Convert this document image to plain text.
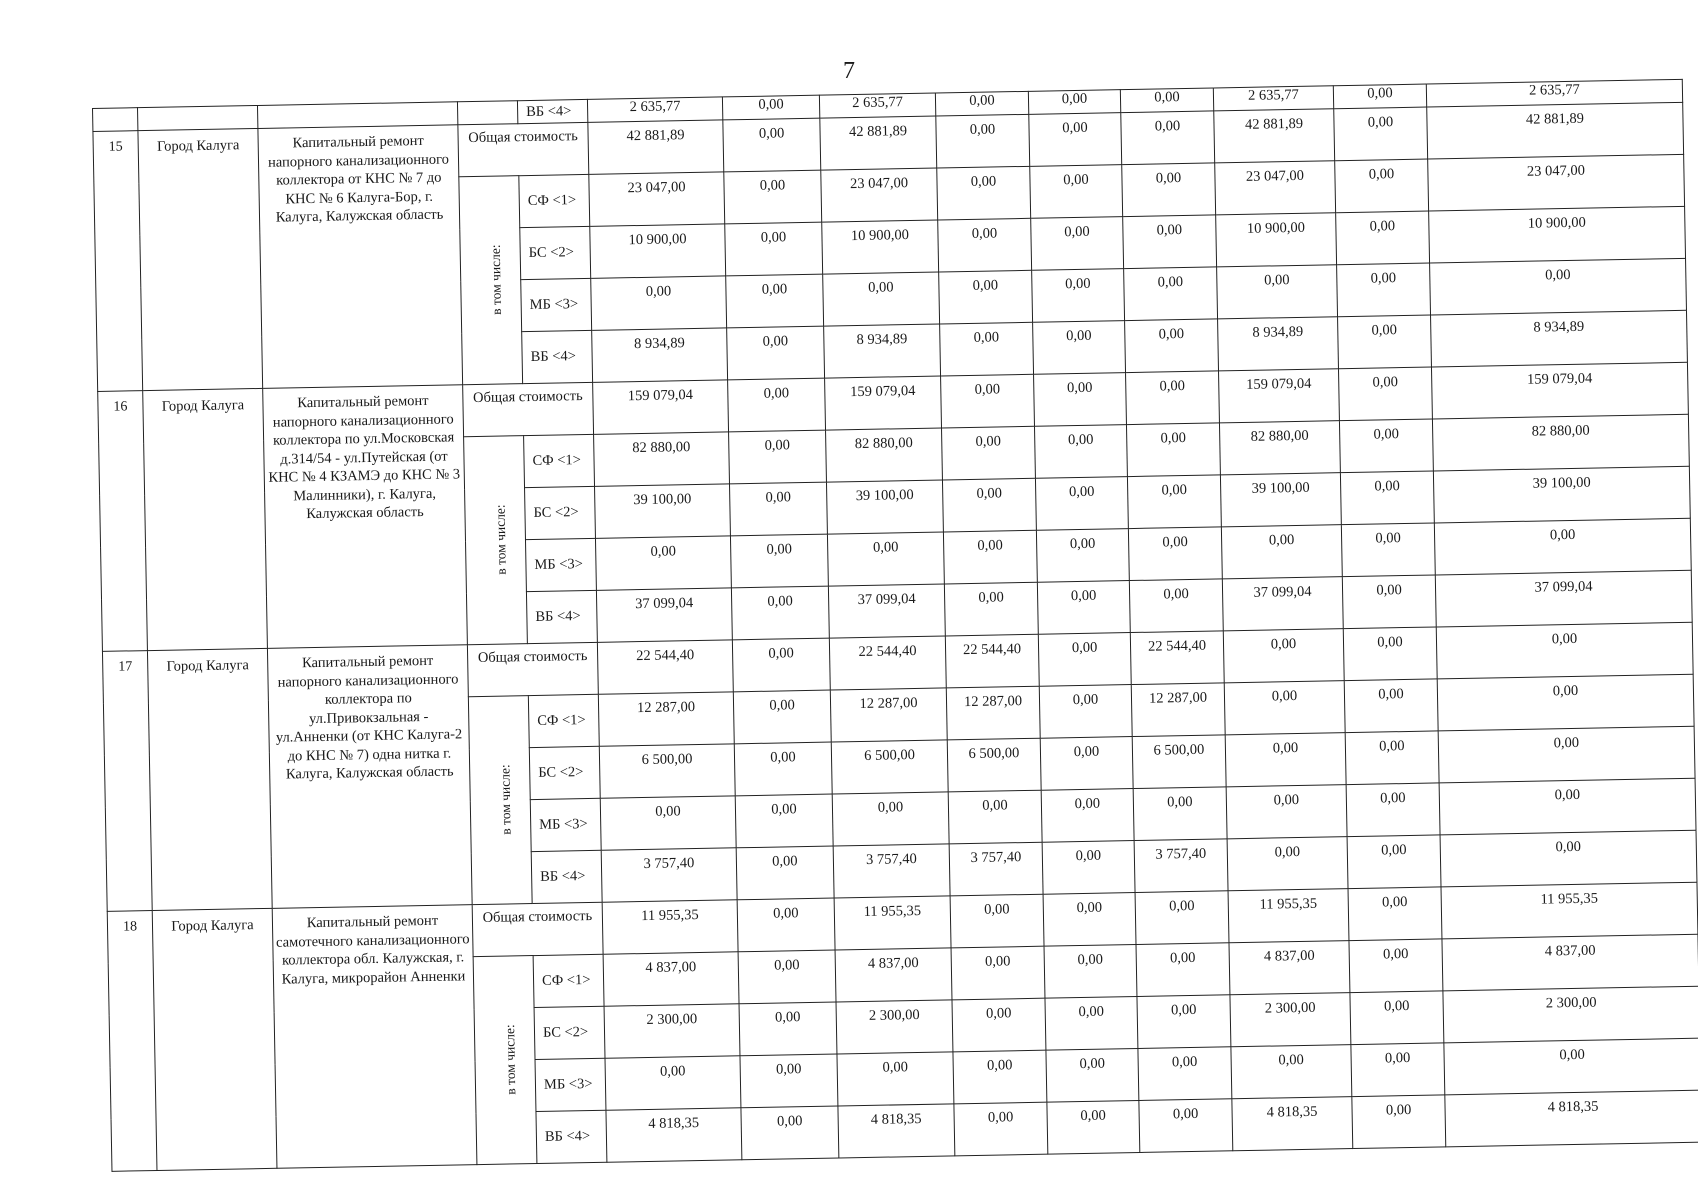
7
				ВБ <4>	2 635,77	0,00	2 635,77	0,00	0,00	0,00	2 635,77	0,00	2 635,77
15	Город Калуга	Капитальный ремонт напорного канализационного коллектора от КНС № 7 до КНС № 6 Калуга-Бор, г. Калуга, Калужская область	Общая стоимость		42 881,89	0,00	42 881,89	0,00	0,00	0,00	42 881,89	0,00	42 881,89
			в том числе:	СФ <1>	23 047,00	0,00	23 047,00	0,00	0,00	0,00	23 047,00	0,00	23 047,00
				БС <2>	10 900,00	0,00	10 900,00	0,00	0,00	0,00	10 900,00	0,00	10 900,00
				МБ <3>	0,00	0,00	0,00	0,00	0,00	0,00	0,00	0,00	0,00
				ВБ <4>	8 934,89	0,00	8 934,89	0,00	0,00	0,00	8 934,89	0,00	8 934,89
16	Город Калуга	Капитальный ремонт напорного канализационного коллектора по ул.Московская д.314/54 - ул.Путейская (от КНС № 4 КЗАМЭ до КНС № 3 Малинники), г. Калуга, Калужская область	Общая стоимость		159 079,04	0,00	159 079,04	0,00	0,00	0,00	159 079,04	0,00	159 079,04
			в том числе:	СФ <1>	82 880,00	0,00	82 880,00	0,00	0,00	0,00	82 880,00	0,00	82 880,00
				БС <2>	39 100,00	0,00	39 100,00	0,00	0,00	0,00	39 100,00	0,00	39 100,00
				МБ <3>	0,00	0,00	0,00	0,00	0,00	0,00	0,00	0,00	0,00
				ВБ <4>	37 099,04	0,00	37 099,04	0,00	0,00	0,00	37 099,04	0,00	37 099,04
17	Город Калуга	Капитальный ремонт напорного канализационного коллектора по ул.Привокзальная - ул.Анненки (от КНС Калуга-2 до КНС № 7) одна нитка г. Калуга, Калужская область	Общая стоимость		22 544,40	0,00	22 544,40	22 544,40	0,00	22 544,40	0,00	0,00	0,00
			в том числе:	СФ <1>	12 287,00	0,00	12 287,00	12 287,00	0,00	12 287,00	0,00	0,00	0,00
				БС <2>	6 500,00	0,00	6 500,00	6 500,00	0,00	6 500,00	0,00	0,00	0,00
				МБ <3>	0,00	0,00	0,00	0,00	0,00	0,00	0,00	0,00	0,00
				ВБ <4>	3 757,40	0,00	3 757,40	3 757,40	0,00	3 757,40	0,00	0,00	0,00
18	Город Калуга	Капитальный ремонт самотечного канализационного коллектора обл. Калужская, г. Калуга, микрорайон Анненки	Общая стоимость		11 955,35	0,00	11 955,35	0,00	0,00	0,00	11 955,35	0,00	11 955,35
			в том числе:	СФ <1>	4 837,00	0,00	4 837,00	0,00	0,00	0,00	4 837,00	0,00	4 837,00
				БС <2>	2 300,00	0,00	2 300,00	0,00	0,00	0,00	2 300,00	0,00	2 300,00
				МБ <3>	0,00	0,00	0,00	0,00	0,00	0,00	0,00	0,00	0,00
				ВБ <4>	4 818,35	0,00	4 818,35	0,00	0,00	0,00	4 818,35	0,00	4 818,35
